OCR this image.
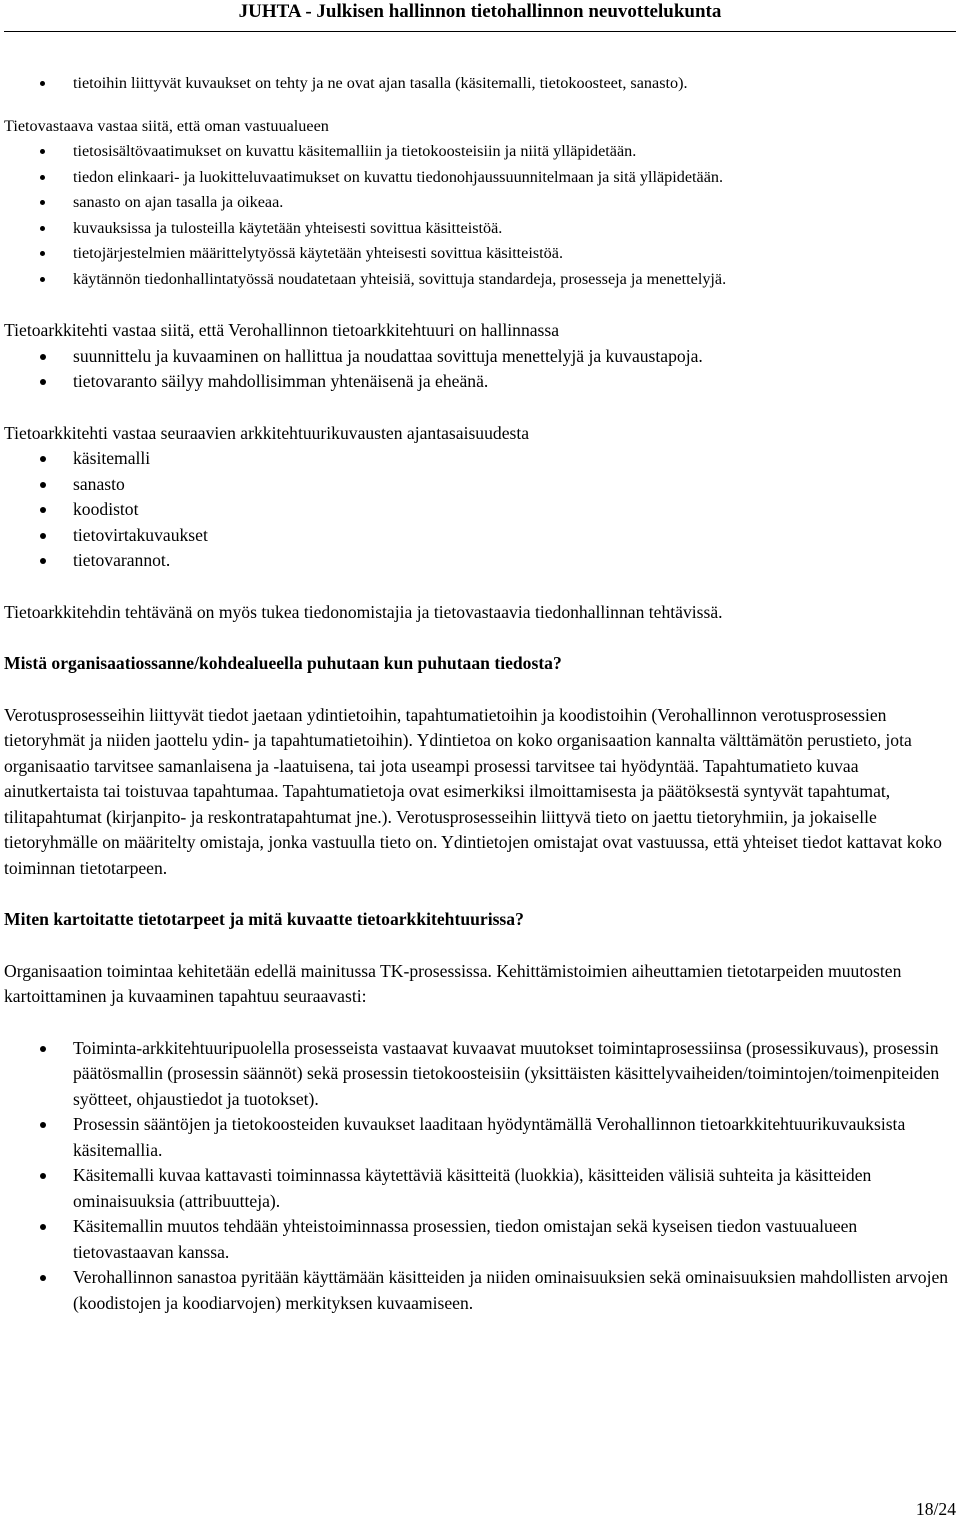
JUHTA - Julkisen hallinnon tietohallinnon neuvottelukunta
tietoihin liittyvät kuvaukset on tehty ja ne ovat ajan tasalla (käsitemalli, tietokoosteet, sanasto).

Tietovastaava vastaa siitä, että oman vastuualueen

tietosisältövaatimukset on kuvattu käsitemalliin ja tietokoosteisiin ja niitä ylläpidetään.
tiedon elinkaari- ja luokitteluvaatimukset on kuvattu tiedonohjaussuunnitelmaan ja sitä ylläpidetään.
sanasto on ajan tasalla ja oikeaa.
kuvauksissa ja tulosteilla käytetään yhteisesti sovittua käsitteistöä.
tietojärjestelmien määrittelytyössä käytetään yhteisesti sovittua käsitteistöä.
käytännön tiedonhallintatyössä noudatetaan yhteisiä, sovittuja standardeja, prosesseja ja menettelyjä.

Tietoarkkitehti vastaa siitä, että Verohallinnon tietoarkkitehtuuri on hallinnassa

suunnittelu ja kuvaaminen on hallittua ja noudattaa sovittuja menettelyjä ja kuvaustapoja.
tietovaranto säilyy mahdollisimman yhtenäisenä ja eheänä.

Tietoarkkitehti vastaa seuraavien arkkitehtuurikuvausten ajantasaisuudesta

käsitemalli
sanasto
koodistot
tietovirtakuvaukset
tietovarannot.

Tietoarkkitehdin tehtävänä on myös tukea tiedonomistajia ja tietovastaavia tiedonhallinnan tehtävissä.

Mistä organisaatiossanne/kohdealueella puhutaan kun puhutaan tiedosta?

Verotusprosesseihin liittyvät tiedot jaetaan ydintietoihin, tapahtumatietoihin ja koodistoihin (Verohallinnon verotusprosessien tietoryhmät ja niiden jaottelu ydin- ja tapahtumatietoihin). Ydintietoa on koko organisaation kannalta välttämätön perustieto, jota organisaatio tarvitsee samanlaisena ja -laatuisena, tai jota useampi prosessi tarvitsee tai hyödyntää. Tapahtumatieto kuvaa ainutkertaista tai toistuvaa tapahtumaa. Tapahtumatietoja ovat esimerkiksi ilmoittamisesta ja päätöksestä syntyvät tapahtumat, tilitapahtumat (kirjanpito- ja reskontratapahtumat jne.). Verotusprosesseihin liittyvä tieto on jaettu tietoryhmiin, ja jokaiselle tietoryhmälle on määritelty omistaja, jonka vastuulla tieto on. Ydintietojen omistajat ovat vastuussa, että yhteiset tiedot kattavat koko toiminnan tietotarpeen.

Miten kartoitatte tietotarpeet ja mitä kuvaatte tietoarkkitehtuurissa?

Organisaation toimintaa kehitetään edellä mainitussa TK-prosessissa. Kehittämistoimien aiheuttamien tietotarpeiden muutosten kartoittaminen ja kuvaaminen tapahtuu seuraavasti:

Toiminta-arkkitehtuuripuolella prosesseista vastaavat kuvaavat muutokset toimintaprosessiinsa (prosessikuvaus), prosessin päätösmallin (prosessin säännöt) sekä prosessin tietokoosteisiin (yksittäisten käsittelyvaiheiden/toimintojen/toimenpiteiden syötteet, ohjaustiedot ja tuotokset).
Prosessin sääntöjen ja tietokoosteiden kuvaukset laaditaan hyödyntämällä Verohallinnon tietoarkkitehtuurikuvauksista käsitemallia.
Käsitemalli kuvaa kattavasti toiminnassa käytettäviä käsitteitä (luokkia), käsitteiden välisiä suhteita ja käsitteiden ominaisuuksia (attribuutteja).
Käsitemallin muutos tehdään yhteistoiminnassa prosessien, tiedon omistajan sekä kyseisen tiedon vastuualueen tietovastaavan kanssa.
Verohallinnon sanastoa pyritään käyttämään käsitteiden ja niiden ominaisuuksien sekä ominaisuuksien mahdollisten arvojen (koodistojen ja koodiarvojen) merkityksen kuvaamiseen.
18/24
